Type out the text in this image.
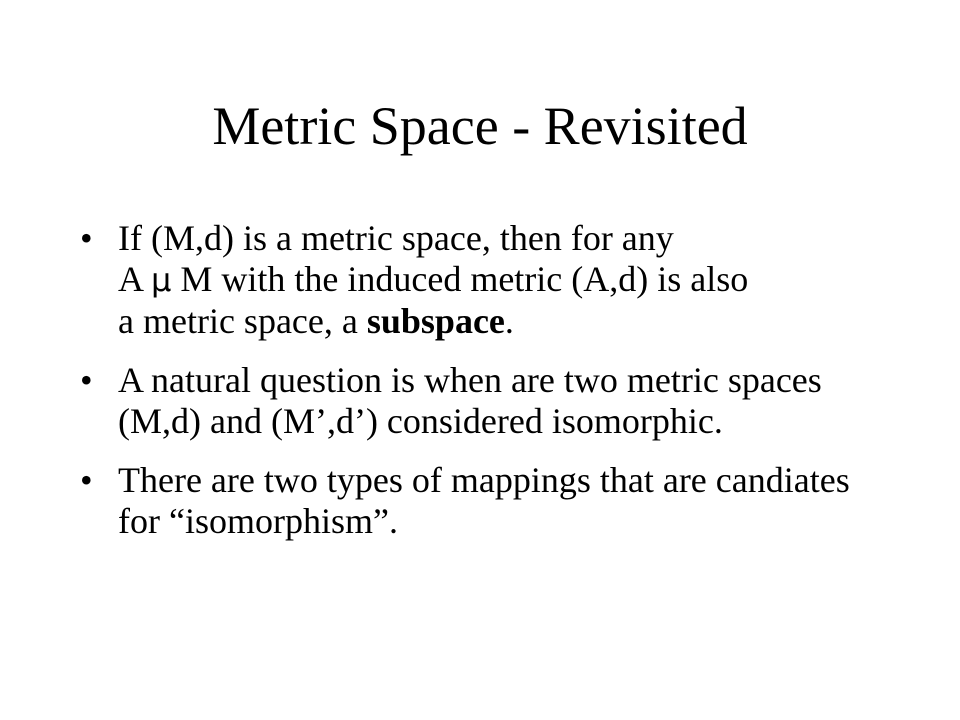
Metric Space - Revisited
• If (M,d) is a metric space, then for any
A µ M with the induced metric (A,d) is also
a metric space, a subspace.
• A natural question is when are two metric spaces (M,d) and (M’,d’) considered isomorphic.
• There are two types of mappings that are candiates for “isomorphism”.
